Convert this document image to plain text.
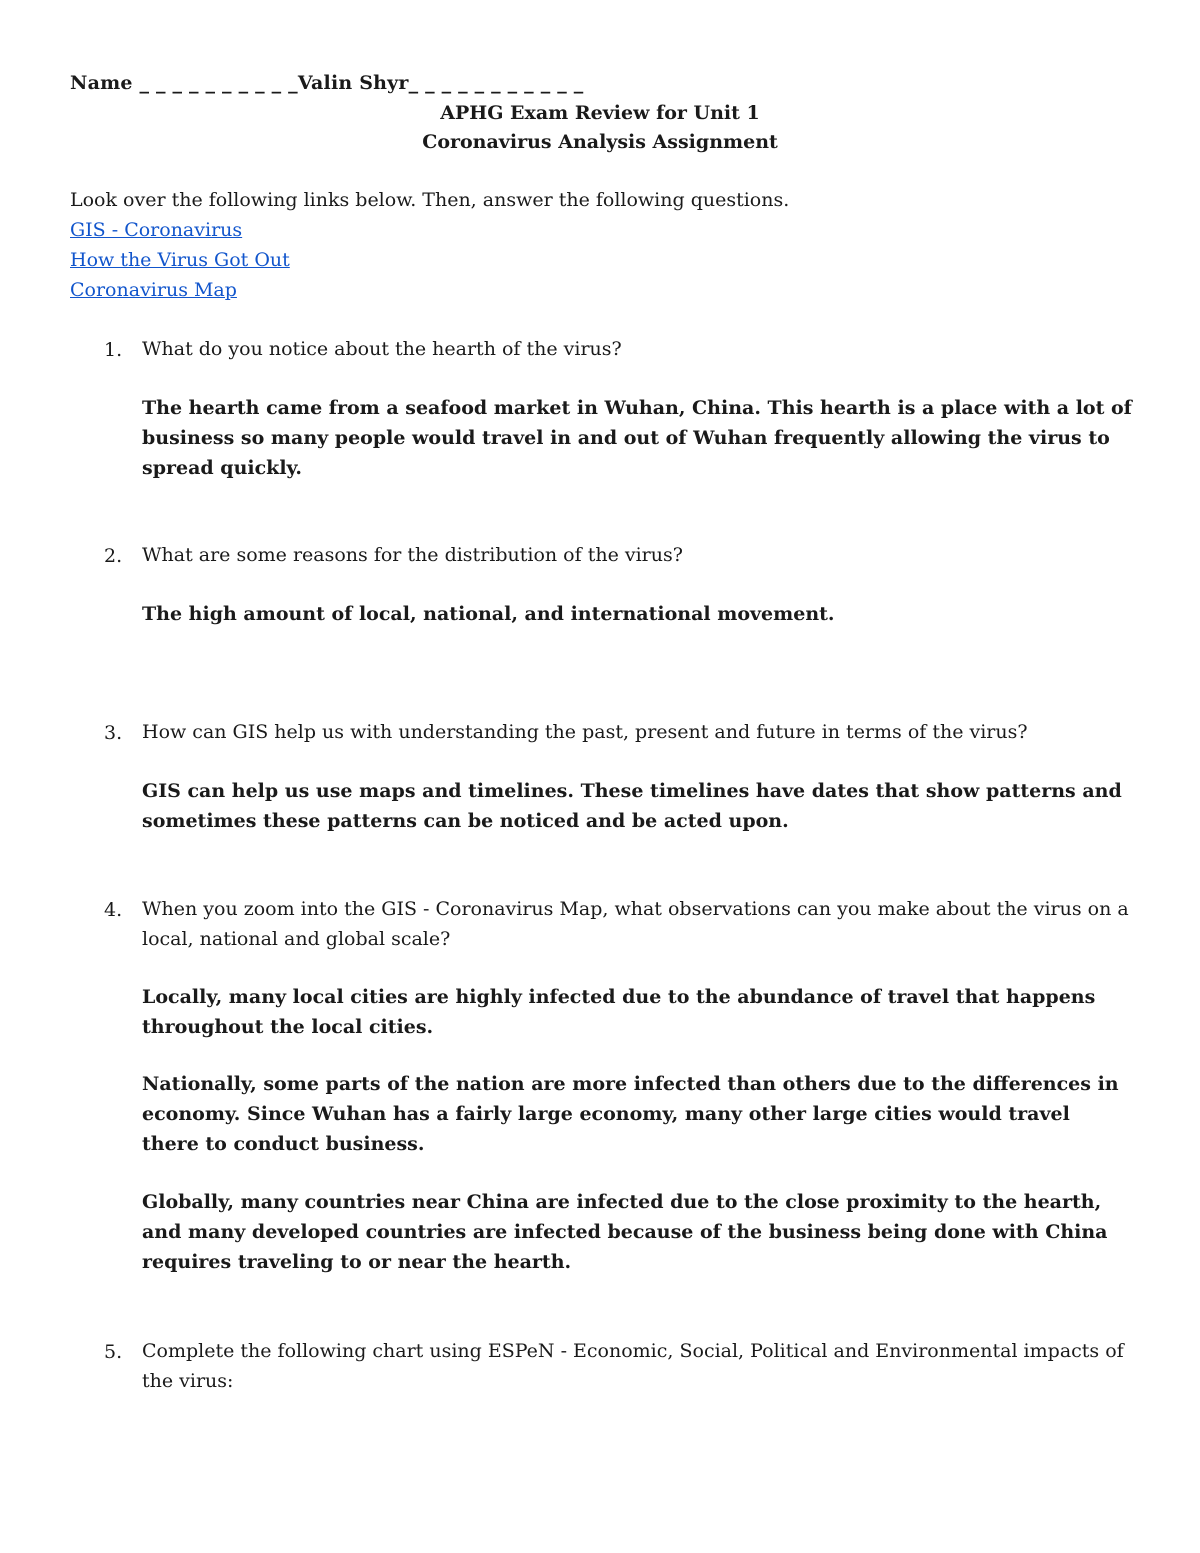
Name _ _ _ _ _ _ _ _ _ _Valin Shyr_ _ _ _ _ _ _ _ _ _ _
APHG Exam Review for Unit 1
Coronavirus Analysis Assignment
Look over the following links below. Then, answer the following questions.
GIS - Coronavirus
How the Virus Got Out
Coronavirus Map
1. What do you notice about the hearth of the virus?
The hearth came from a seafood market in Wuhan, China. This hearth is a place with a lot of business so many people would travel in and out of Wuhan frequently allowing the virus to spread quickly.
2. What are some reasons for the distribution of the virus?
The high amount of local, national, and international movement.
3. How can GIS help us with understanding the past, present and future in terms of the virus?
GIS can help us use maps and timelines. These timelines have dates that show patterns and sometimes these patterns can be noticed and be acted upon.
4. When you zoom into the GIS - Coronavirus Map, what observations can you make about the virus on a local, national and global scale?
Locally, many local cities are highly infected due to the abundance of travel that happens throughout the local cities.
Nationally, some parts of the nation are more infected than others due to the differences in economy. Since Wuhan has a fairly large economy, many other large cities would travel there to conduct business.
Globally, many countries near China are infected due to the close proximity to the hearth, and many developed countries are infected because of the business being done with China requires traveling to or near the hearth.
5. Complete the following chart using ESPeN - Economic, Social, Political and Environmental impacts of the virus:
